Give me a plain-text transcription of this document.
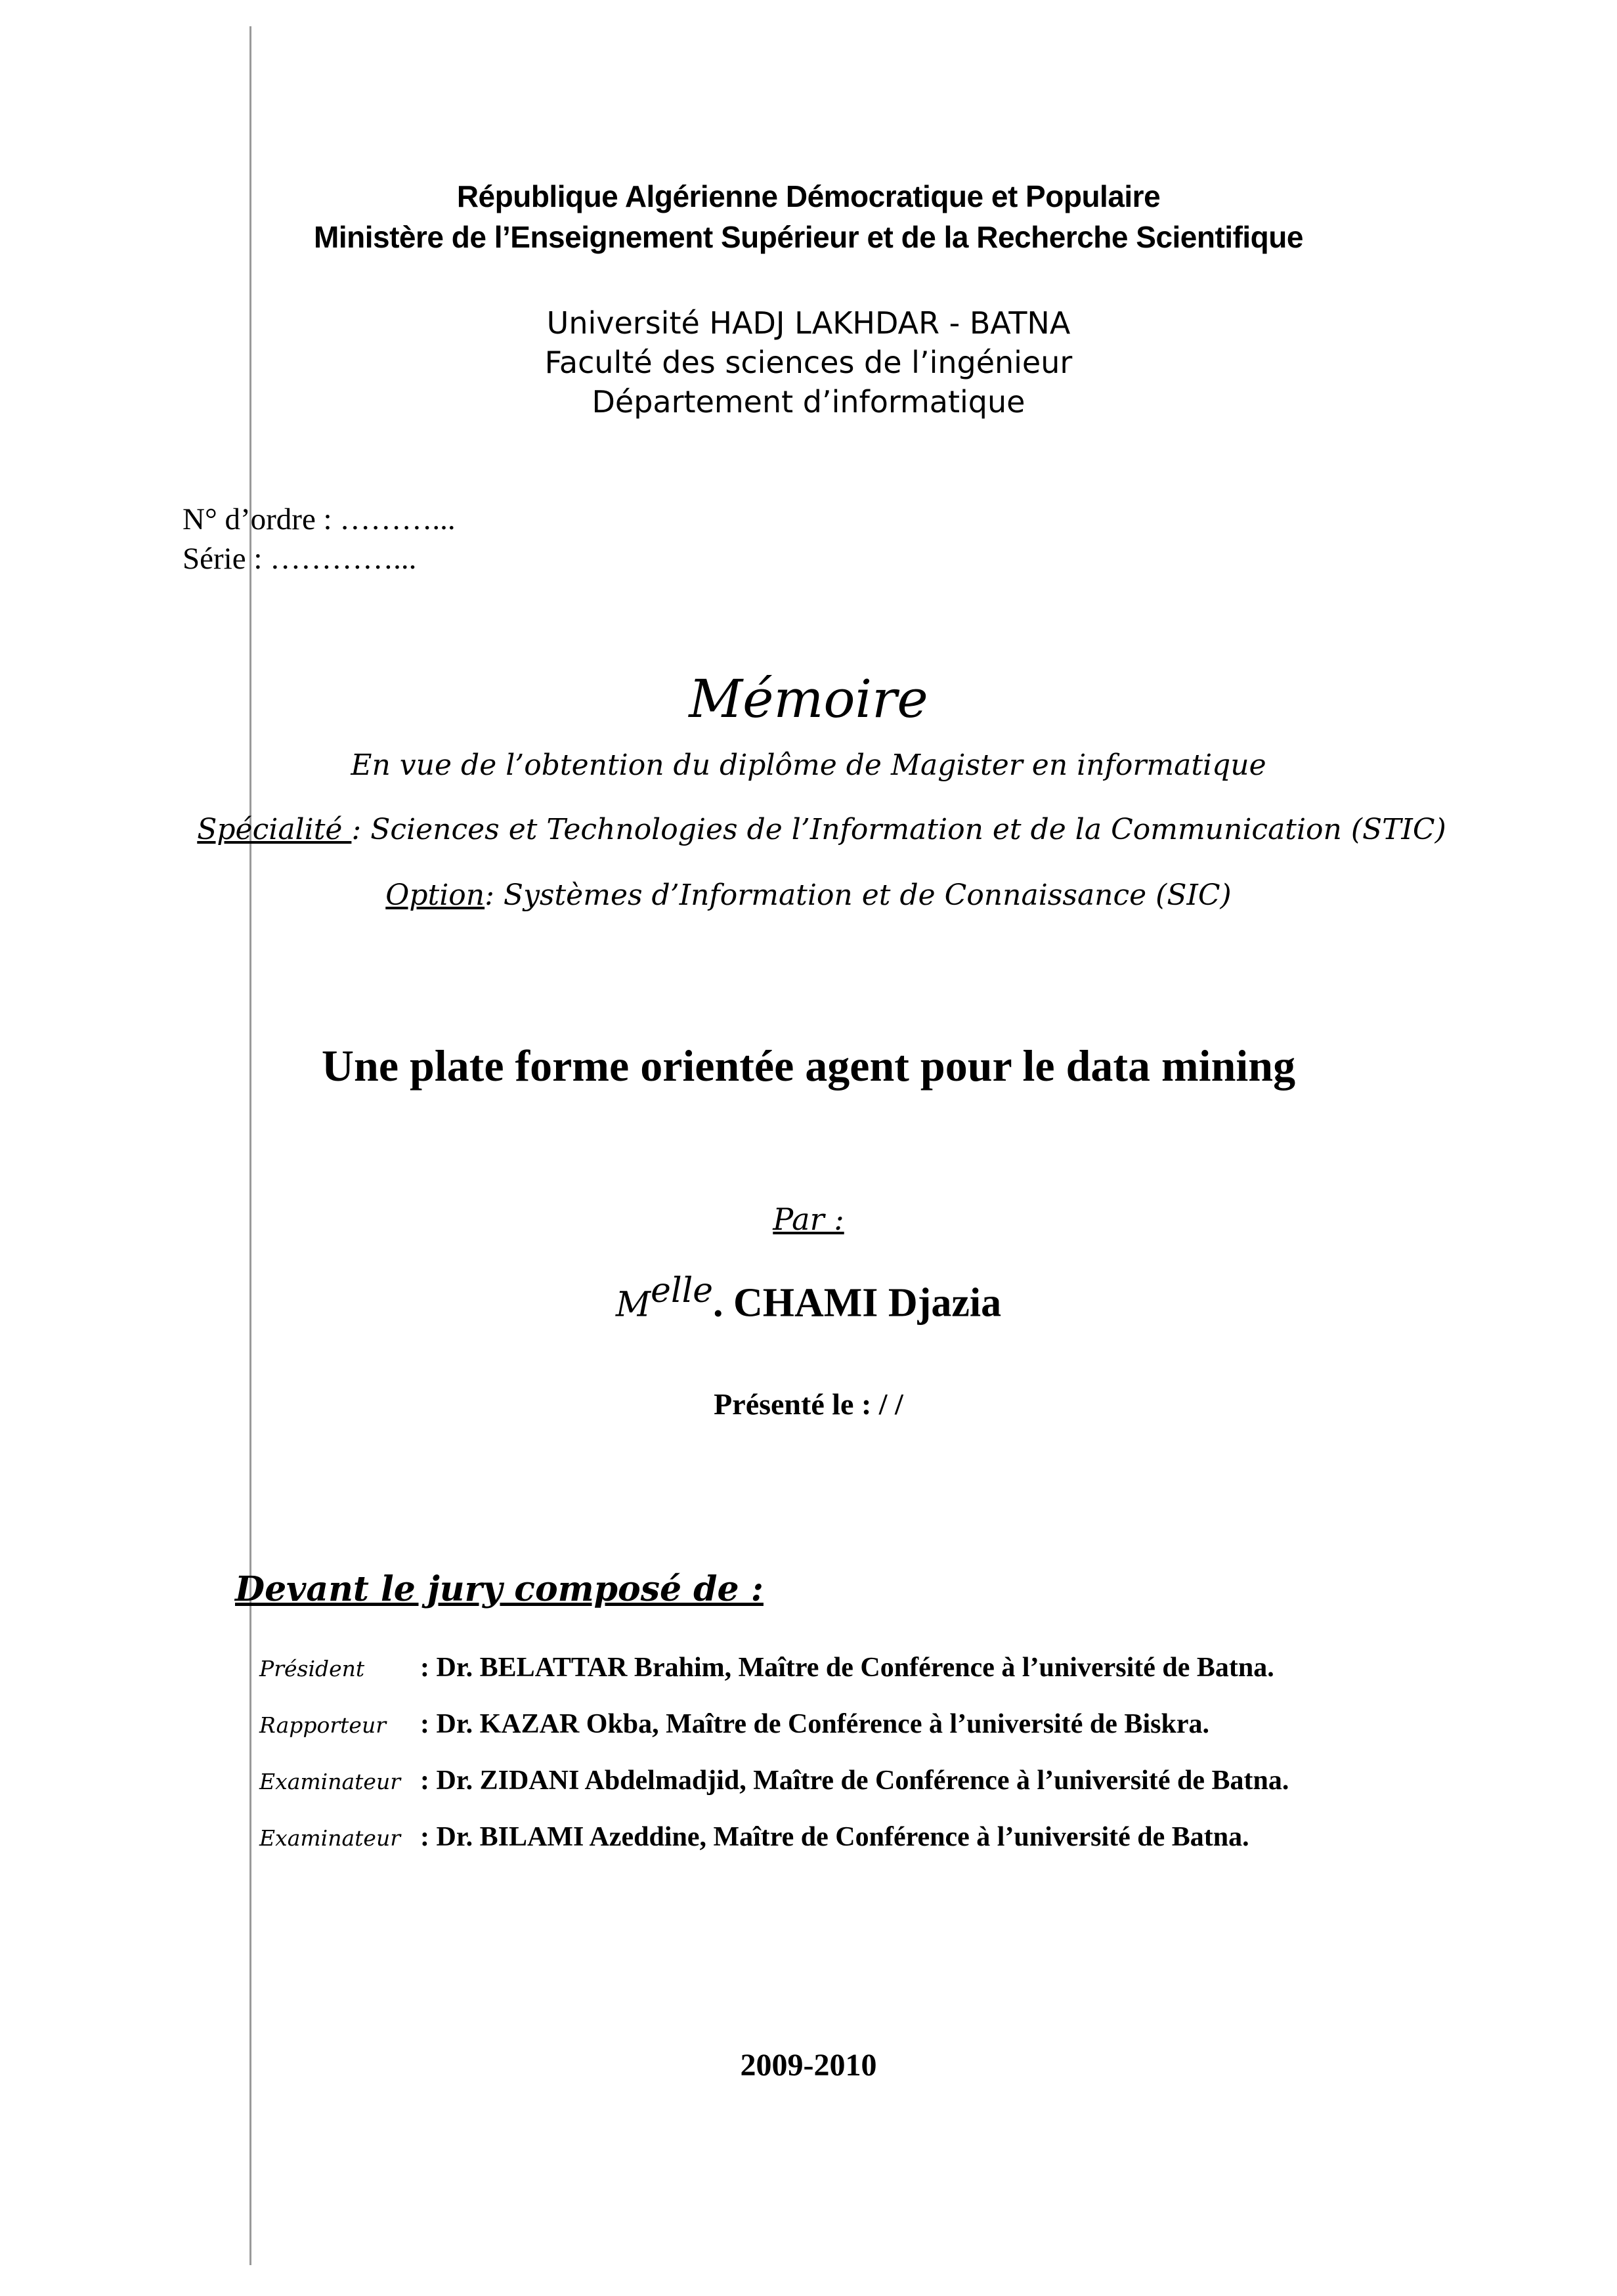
République Algérienne Démocratique et Populaire
Ministère de l’Enseignement Supérieur et de la Recherche Scientifique
Université HADJ LAKHDAR - BATNA
Faculté des sciences de l’ingénieur
Département d’informatique
N° d’ordre : ………...
Série : …………...
Mémoire
En vue de l’obtention du diplôme de Magister en informatique
Spécialité : Sciences et Technologies de l’Information et de la Communication (STIC)
Option: Systèmes d’Information et de Connaissance (SIC)
Une plate forme orientée agent pour le data mining
Par :
$M^{elle}$. CHAMI Djazia
Présenté le : / /
Devant le jury composé de :
Président : Dr. BELATTAR Brahim, Maître de Conférence à l’université de Batna.
Rapporteur : Dr. KAZAR Okba, Maître de Conférence à l’université de Biskra.
Examinateur : Dr. ZIDANI Abdelmadjid, Maître de Conférence à l’université de Batna.
Examinateur : Dr. BILAMI Azeddine, Maître de Conférence à l’université de Batna.
2009-2010
